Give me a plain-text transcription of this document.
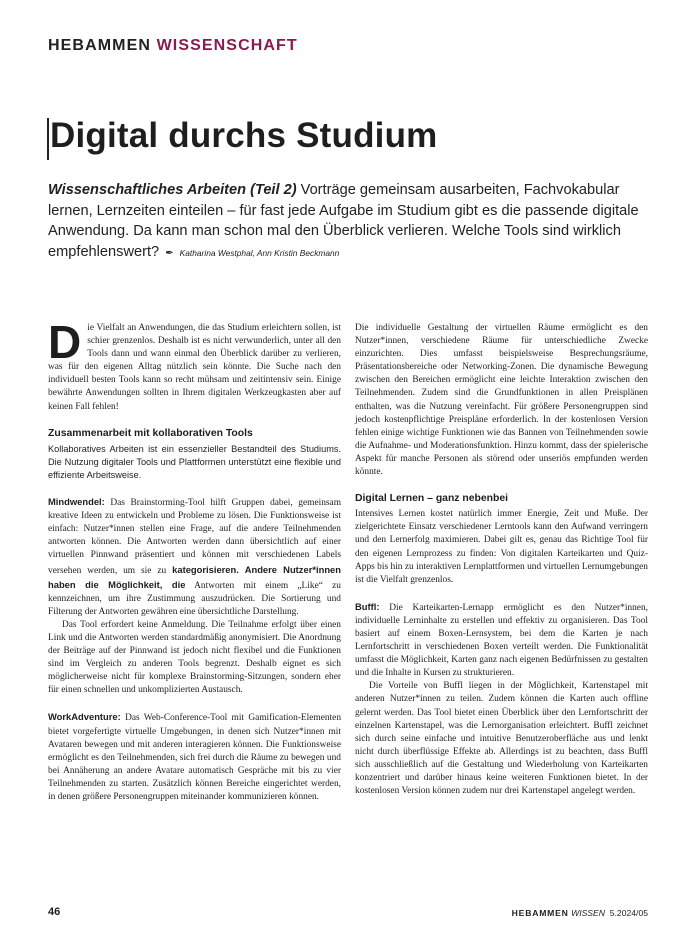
HEBAMMEN WISSENSCHAFT
Digital durchs Studium

Wissenschaftliches Arbeiten (Teil 2) Vorträge gemeinsam ausarbeiten, Fachvokabular lernen, Lernzeiten einteilen – für fast jede Aufgabe im Studium gibt es die passende digitale Anwendung. Da kann man schon mal den Überblick verlieren. Welche Tools sind wirklich empfehlenswert? ✒ Katharina Westphal, Ann Kristin Beckmann

Die Vielfalt an Anwendungen, die das Studium erleichtern sollen, ist schier grenzenlos. Deshalb ist es nicht verwunderlich, unter all den Tools dann und wann einmal den Überblick darüber zu verlieren, was für den eigenen Alltag nützlich sein könnte. Die Suche nach den individuell besten Tools kann so recht mühsam und zeitintensiv sein. Einige bewährte Anwendungen sollten in Ihrem digitalen Werkzeugkasten aber auf keinen Fall fehlen!

Zusammenarbeit mit kollaborativen Tools

Kollaboratives Arbeiten ist ein essenzieller Bestandteil des Studiums. Die Nutzung digitaler Tools und Plattformen unterstützt eine flexible und effiziente Arbeitsweise.

Mindwendel: Das Brainstorming-Tool hilft Gruppen dabei, gemeinsam kreative Ideen zu entwickeln und Probleme zu lösen. Die Funktionsweise ist einfach: Nutzer*innen stellen eine Frage, auf die andere Teilnehmenden antworten können. Die Antworten werden dann übersichtlich auf einer virtuellen Pinnwand präsentiert und können mit verschiedenen Labels versehen werden, um sie zu kategorisieren. Andere Nutzer*innen haben die Möglichkeit, die Antworten mit einem „Like“ zu kennzeichnen, um ihre Zustimmung auszudrücken. Die Sortierung und Filterung der Antworten gewähren eine übersichtliche Darstellung.

Das Tool erfordert keine Anmeldung. Die Teilnahme erfolgt über einen Link und die Antworten werden standardmäßig anonymisiert. Die Anordnung der Beiträge auf der Pinnwand ist jedoch nicht flexibel und die Funktionen sind im Vergleich zu anderen Tools begrenzt. Deshalb eignet es sich möglicherweise nicht für komplexe Brainstorming-Sitzungen, sondern eher für einen schnellen und unkomplizierten Austausch.

WorkAdventure: Das Web-Conference-Tool mit Gamification-Elementen bietet vorgefertigte virtuelle Umgebungen, in denen sich Nutzer*innen mit Avataren bewegen und mit anderen interagieren können. Die Funktionsweise ermöglicht es den Teilnehmenden, sich frei durch die Räume zu bewegen und bei Annäherung an andere Avatare automatisch Gespräche mit bis zu vier Teilnehmenden zu starten. Zusätzlich können Bereiche eingerichtet werden, in denen größere Personengruppen miteinander kommunizieren können.

Die individuelle Gestaltung der virtuellen Räume ermöglicht es den Nutzer*innen, verschiedene Räume für unterschiedliche Zwecke einzurichten. Dies umfasst beispielsweise Besprechungsräume, Präsentationsbereiche oder Networking-Zonen. Die dynamische Bewegung zwischen den Bereichen ermöglicht eine leichte Interaktion zwischen den Teilnehmenden. Zudem sind die Grundfunktionen in allen Preisplänen enthalten, was die Nutzung vereinfacht. Für größere Personengruppen sind jedoch kostenpflichtige Preispläne erforderlich. In der kostenlosen Version fehlen einige wichtige Funktionen wie das Bannen von Teilnehmenden sowie die Aufnahme- und Moderationsfunktion. Hinzu kommt, dass der spielerische Aspekt für manche Personen als störend oder unseriös empfunden werden könnte.

Digital Lernen – ganz nebenbei

Intensives Lernen kostet natürlich immer Energie, Zeit und Muße. Der zielgerichtete Einsatz verschiedener Lerntools kann den Aufwand verringern und den Lernerfolg maximieren. Dabei gilt es, genau das Richtige Tool für den eigenen Lernprozess zu finden: Von digitalen Karteikarten und Quiz-Apps bis hin zu interaktiven Lernplattformen und virtuellen Lernumgebungen ist die Vielfalt grenzenlos.

Buffl: Die Karteikarten-Lernapp ermöglicht es den Nutzer*innen, individuelle Lerninhalte zu erstellen und effektiv zu organisieren. Das Tool basiert auf einem Boxen-Lernsystem, bei dem die Karten je nach Lernfortschritt in verschiedenen Boxen verteilt werden. Die Funktionalität umfasst die Möglichkeit, Karten ganz nach eigenen Bedürfnissen zu gestalten und die Inhalte in Kursen zu strukturieren.

Die Vorteile von Buffl liegen in der Möglichkeit, Kartenstapel mit anderen Nutzer*innen zu teilen. Zudem können die Karten auch offline gelernt werden. Das Tool bietet einen Überblick über den Lernfortschritt der einzelnen Kartenstapel, was die Lernorganisation erleichtert. Buffl zeichnet sich durch seine einfache und intuitive Benutzeroberfläche aus und lenkt nicht durch überflüssige Effekte ab. Allerdings ist zu beachten, dass Buffl sich ausschließlich auf die Gestaltung und Wiederholung von Karteikarten konzentriert und darüber hinaus keine weiteren Funktionen bietet. In der kostenlosen Version können zudem nur drei Kartenstapel angelegt werden.

46	HEBAMMEN WISSEN 5.2024/05
